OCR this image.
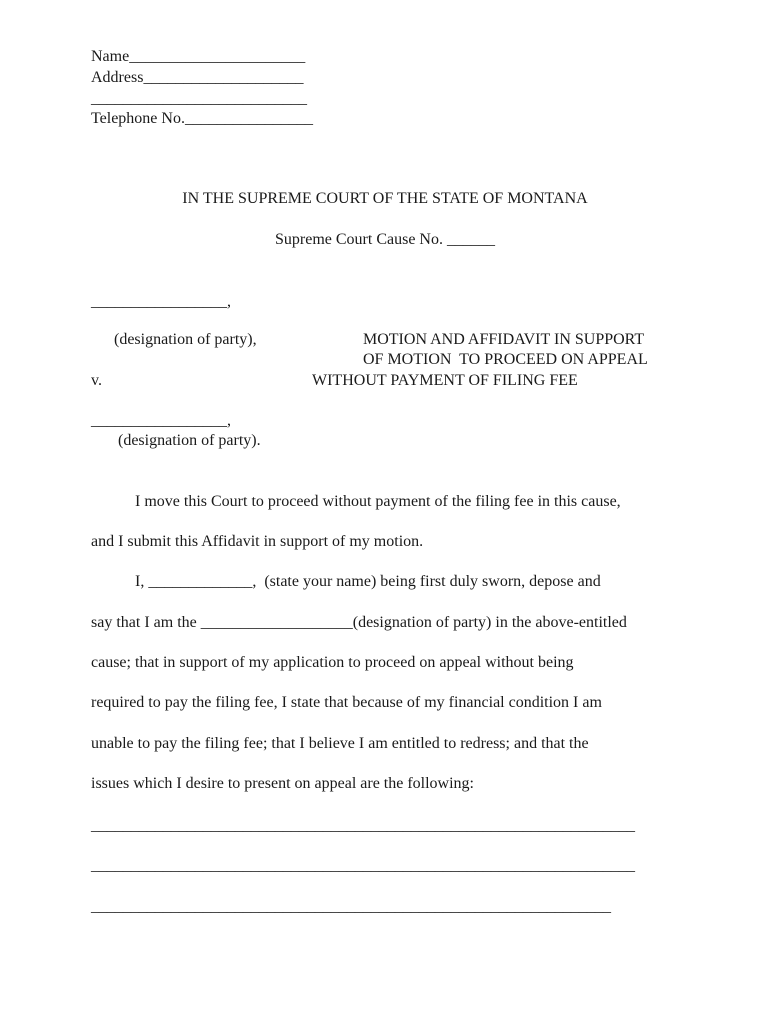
Name______________________
Address____________________
___________________________
Telephone No.________________
IN THE SUPREME COURT OF THE STATE OF MONTANA
Supreme Court Cause No. ______
_________________,
(designation of party),
v.
_________________,
(designation of party).
MOTION AND AFFIDAVIT IN SUPPORT
OF MOTION  TO PROCEED ON APPEAL
WITHOUT PAYMENT OF FILING FEE
I move this Court to proceed without payment of the filing fee in this cause,
and I submit this Affidavit in support of my motion.
I, _____________,  (state your name) being first duly sworn, depose and
say that I am the ___________________(designation of party) in the above-entitled
cause; that in support of my application to proceed on appeal without being
required to pay the filing fee, I state that because of my financial condition I am
unable to pay the filing fee; that I believe I am entitled to redress; and that the
issues which I desire to present on appeal are the following:
____________________________________________________________________
____________________________________________________________________
_________________________________________________________________
